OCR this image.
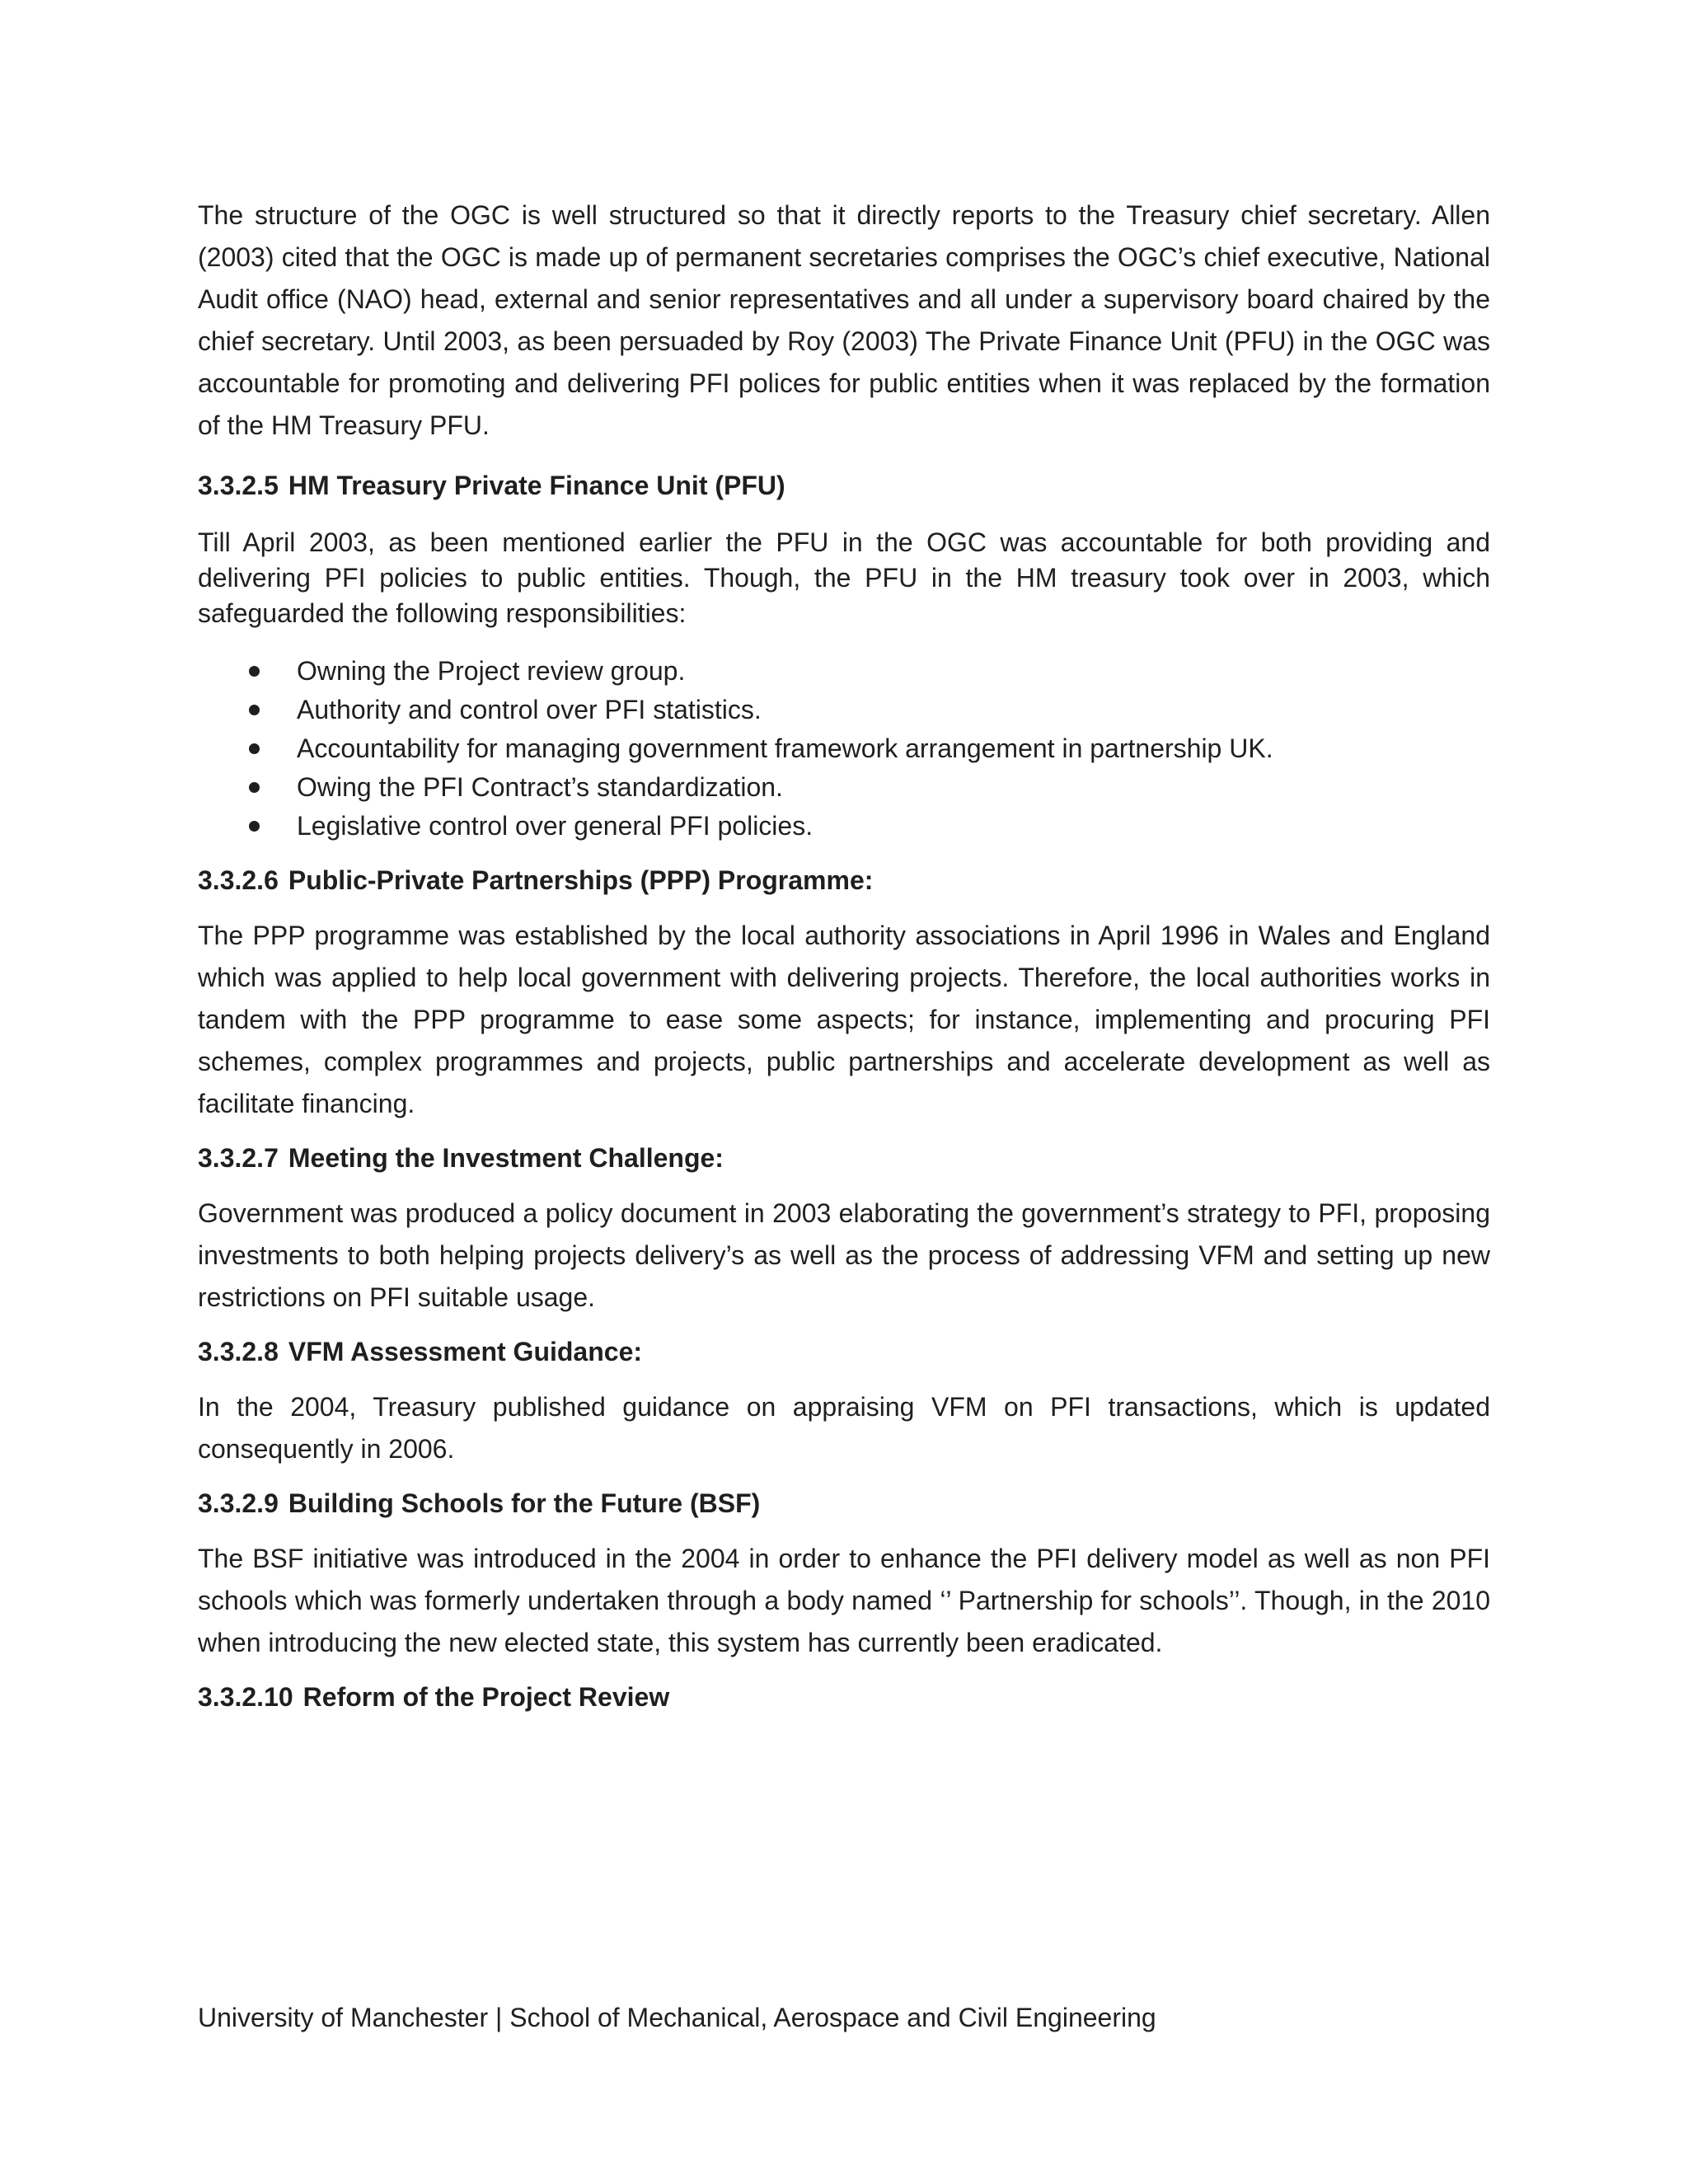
The structure of the OGC is well structured so that it directly reports to the Treasury chief secretary. Allen (2003) cited that the OGC is made up of permanent secretaries comprises the OGC’s chief executive, National Audit office (NAO) head, external and senior representatives and all under a supervisory board chaired by the chief secretary. Until 2003, as been persuaded by Roy (2003) The Private Finance Unit (PFU) in the OGC was accountable for promoting and delivering PFI polices for public entities when it was replaced by the formation of the HM Treasury PFU.

3.3.2.5 HM Treasury Private Finance Unit (PFU)

Till April 2003, as been mentioned earlier the PFU in the OGC was accountable for both providing and delivering PFI policies to public entities. Though, the PFU in the HM treasury took over in 2003, which safeguarded the following responsibilities:

Owning the Project review group.
Authority and control over PFI statistics.
Accountability for managing government framework arrangement in partnership UK.
Owing the PFI Contract’s standardization.
Legislative control over general PFI policies.
3.3.2.6 Public-Private Partnerships (PPP) Programme:

The PPP programme was established by the local authority associations in April 1996 in Wales and England which was applied to help local government with delivering projects. Therefore, the local authorities works in tandem with the PPP programme to ease some aspects; for instance, implementing and procuring PFI schemes, complex programmes and projects, public partnerships and accelerate development as well as facilitate financing.

3.3.2.7 Meeting the Investment Challenge:

Government was produced a policy document in 2003 elaborating the government’s strategy to PFI, proposing investments to both helping projects delivery’s as well as the process of addressing VFM and setting up new restrictions on PFI suitable usage.

3.3.2.8 VFM Assessment Guidance:

In the 2004, Treasury published guidance on appraising VFM on PFI transactions, which is updated consequently in 2006.

3.3.2.9 Building Schools for the Future (BSF)

The BSF initiative was introduced in the 2004 in order to enhance the PFI delivery model as well as non PFI schools which was formerly undertaken through a body named ‘’ Partnership for schools’’. Though, in the 2010 when introducing the new elected state, this system has currently been eradicated.

3.3.2.10 Reform of the Project Review
University of Manchester | School of Mechanical, Aerospace and Civil Engineering
